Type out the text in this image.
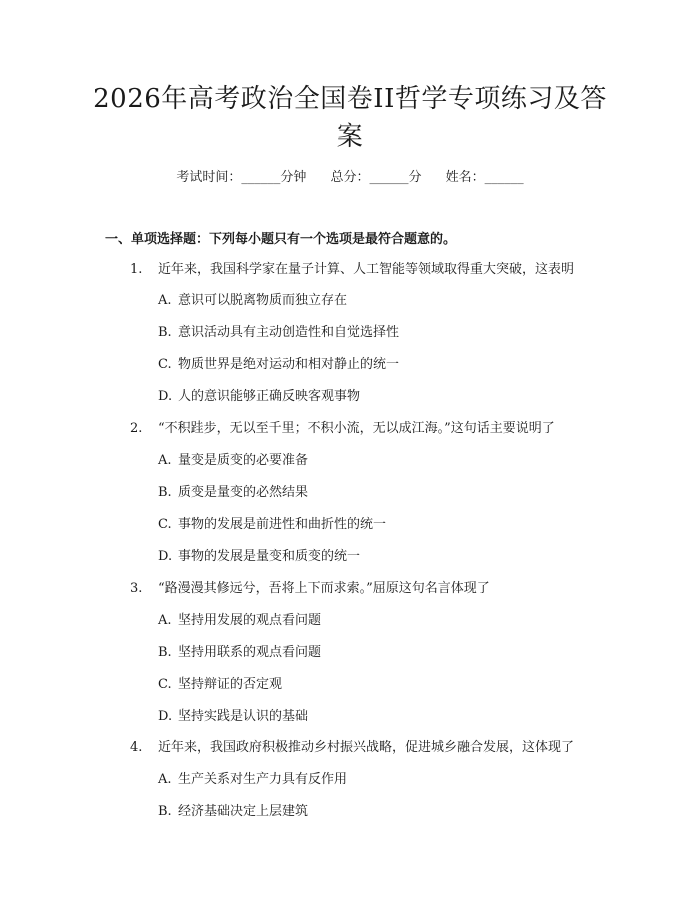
2026年高考政治全国卷II哲学专项练习及答案
考试时间：______分钟 总分：______分 姓名：______
一、单项选择题：下列每小题只有一个选项是最符合题意的。
1. 近年来，我国科学家在量子计算、人工智能等领域取得重大突破，这表明
A. 意识可以脱离物质而独立存在
B. 意识活动具有主动创造性和自觉选择性
C. 物质世界是绝对运动和相对静止的统一
D. 人的意识能够正确反映客观事物
2. “不积跬步，无以至千里；不积小流，无以成江海。”这句话主要说明了
A. 量变是质变的必要准备
B. 质变是量变的必然结果
C. 事物的发展是前进性和曲折性的统一
D. 事物的发展是量变和质变的统一
3. “路漫漫其修远兮，吾将上下而求索。”屈原这句名言体现了
A. 坚持用发展的观点看问题
B. 坚持用联系的观点看问题
C. 坚持辩证的否定观
D. 坚持实践是认识的基础
4. 近年来，我国政府积极推动乡村振兴战略，促进城乡融合发展，这体现了
A. 生产关系对生产力具有反作用
B. 经济基础决定上层建筑
